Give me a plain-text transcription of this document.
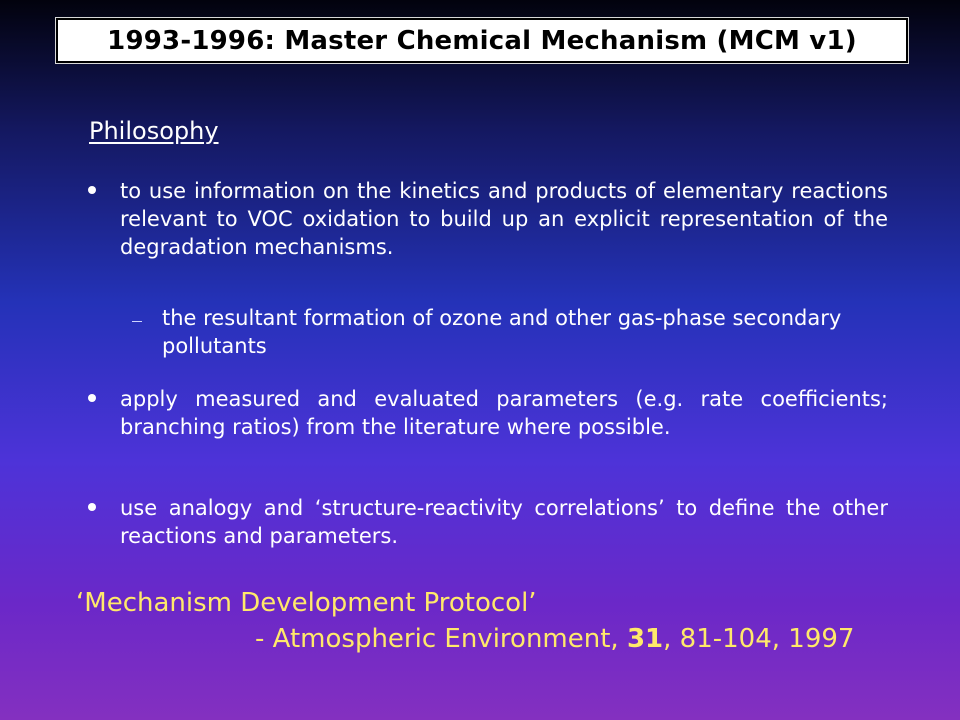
1993-1996: Master Chemical Mechanism (MCM v1)
Philosophy
to use information on the kinetics and products of elementary reactions relevant to VOC oxidation to build up an explicit representation of the degradation mechanisms.
the resultant formation of ozone and other gas-phase secondary pollutants
apply measured and evaluated parameters (e.g. rate coefficients; branching ratios) from the literature where possible.
use analogy and ‘structure-reactivity correlations’ to define the other reactions and parameters.
‘Mechanism Development Protocol’
- Atmospheric Environment, 31, 81-104, 1997
